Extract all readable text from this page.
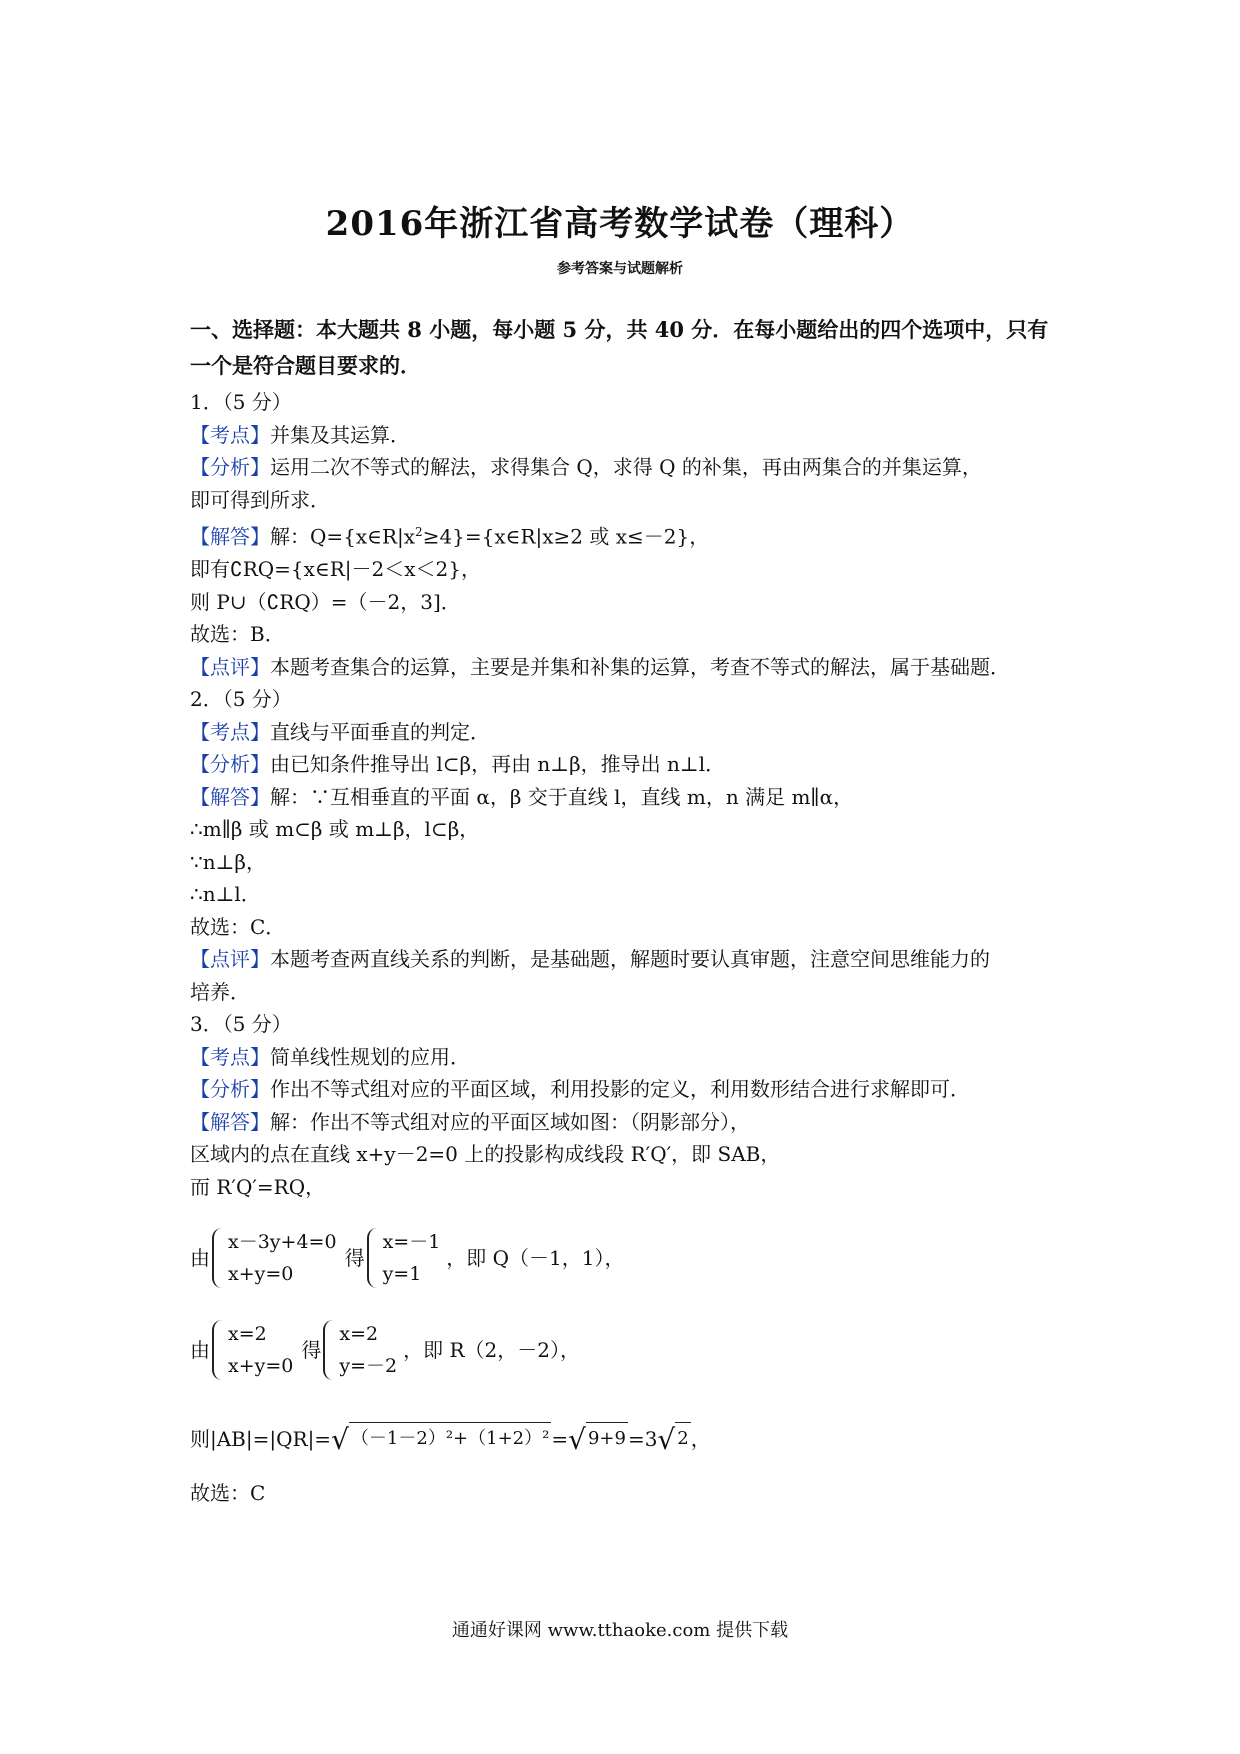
2016年浙江省高考数学试卷（理科）
参考答案与试题解析
一、选择题：本大题共 8 小题，每小题 5 分，共 40 分．在每小题给出的四个选项中，只有
一个是符合题目要求的．
1．（5 分）
【考点】并集及其运算．
【分析】运用二次不等式的解法，求得集合 Q，求得 Q 的补集，再由两集合的并集运算，
即可得到所求．
【解答】解：$Q=\{x\in R|x^2\ge 4\}=\{x\in R|x\ge 2$ 或 x≤－2}，
即有∁RQ={x∈R|－2＜x＜2}，
则 P∪（∁RQ）=（－2，3]．
故选：B．
【点评】本题考查集合的运算，主要是并集和补集的运算，考查不等式的解法，属于基础题．
2．（5 分）
【考点】直线与平面垂直的判定．
【分析】由已知条件推导出 l⊂β，再由 n⊥β，推导出 n⊥l．
【解答】解：∵互相垂直的平面 α，β 交于直线 l，直线 m，n 满足 m∥α，
∴m∥β 或 m⊂β 或 m⊥β，l⊂β，
∵n⊥β，
∴n⊥l．
故选：C．
【点评】本题考查两直线关系的判断，是基础题，解题时要认真审题，注意空间思维能力的
培养．
3．（5 分）
【考点】简单线性规划的应用．
【分析】作出不等式组对应的平面区域，利用投影的定义，利用数形结合进行求解即可．
【解答】解：作出不等式组对应的平面区域如图：（阴影部分），
区域内的点在直线 x+y－2=0 上的投影构成线段 R′Q′，即 SAB，
而 R′Q′=RQ，
由
x－3y+4=0
x+y=0
得
x=－1
y=1
，即 Q（－1，1），
由
x=2
x+y=0
得
x=2
y=－2
，即 R（2，－2），
则|AB|=|QR|= √ （－1－2）²+（1+2）² = √ 9+9 =3 √ 2 ，
故选：C
通通好课网 www.tthaoke.com 提供下载
